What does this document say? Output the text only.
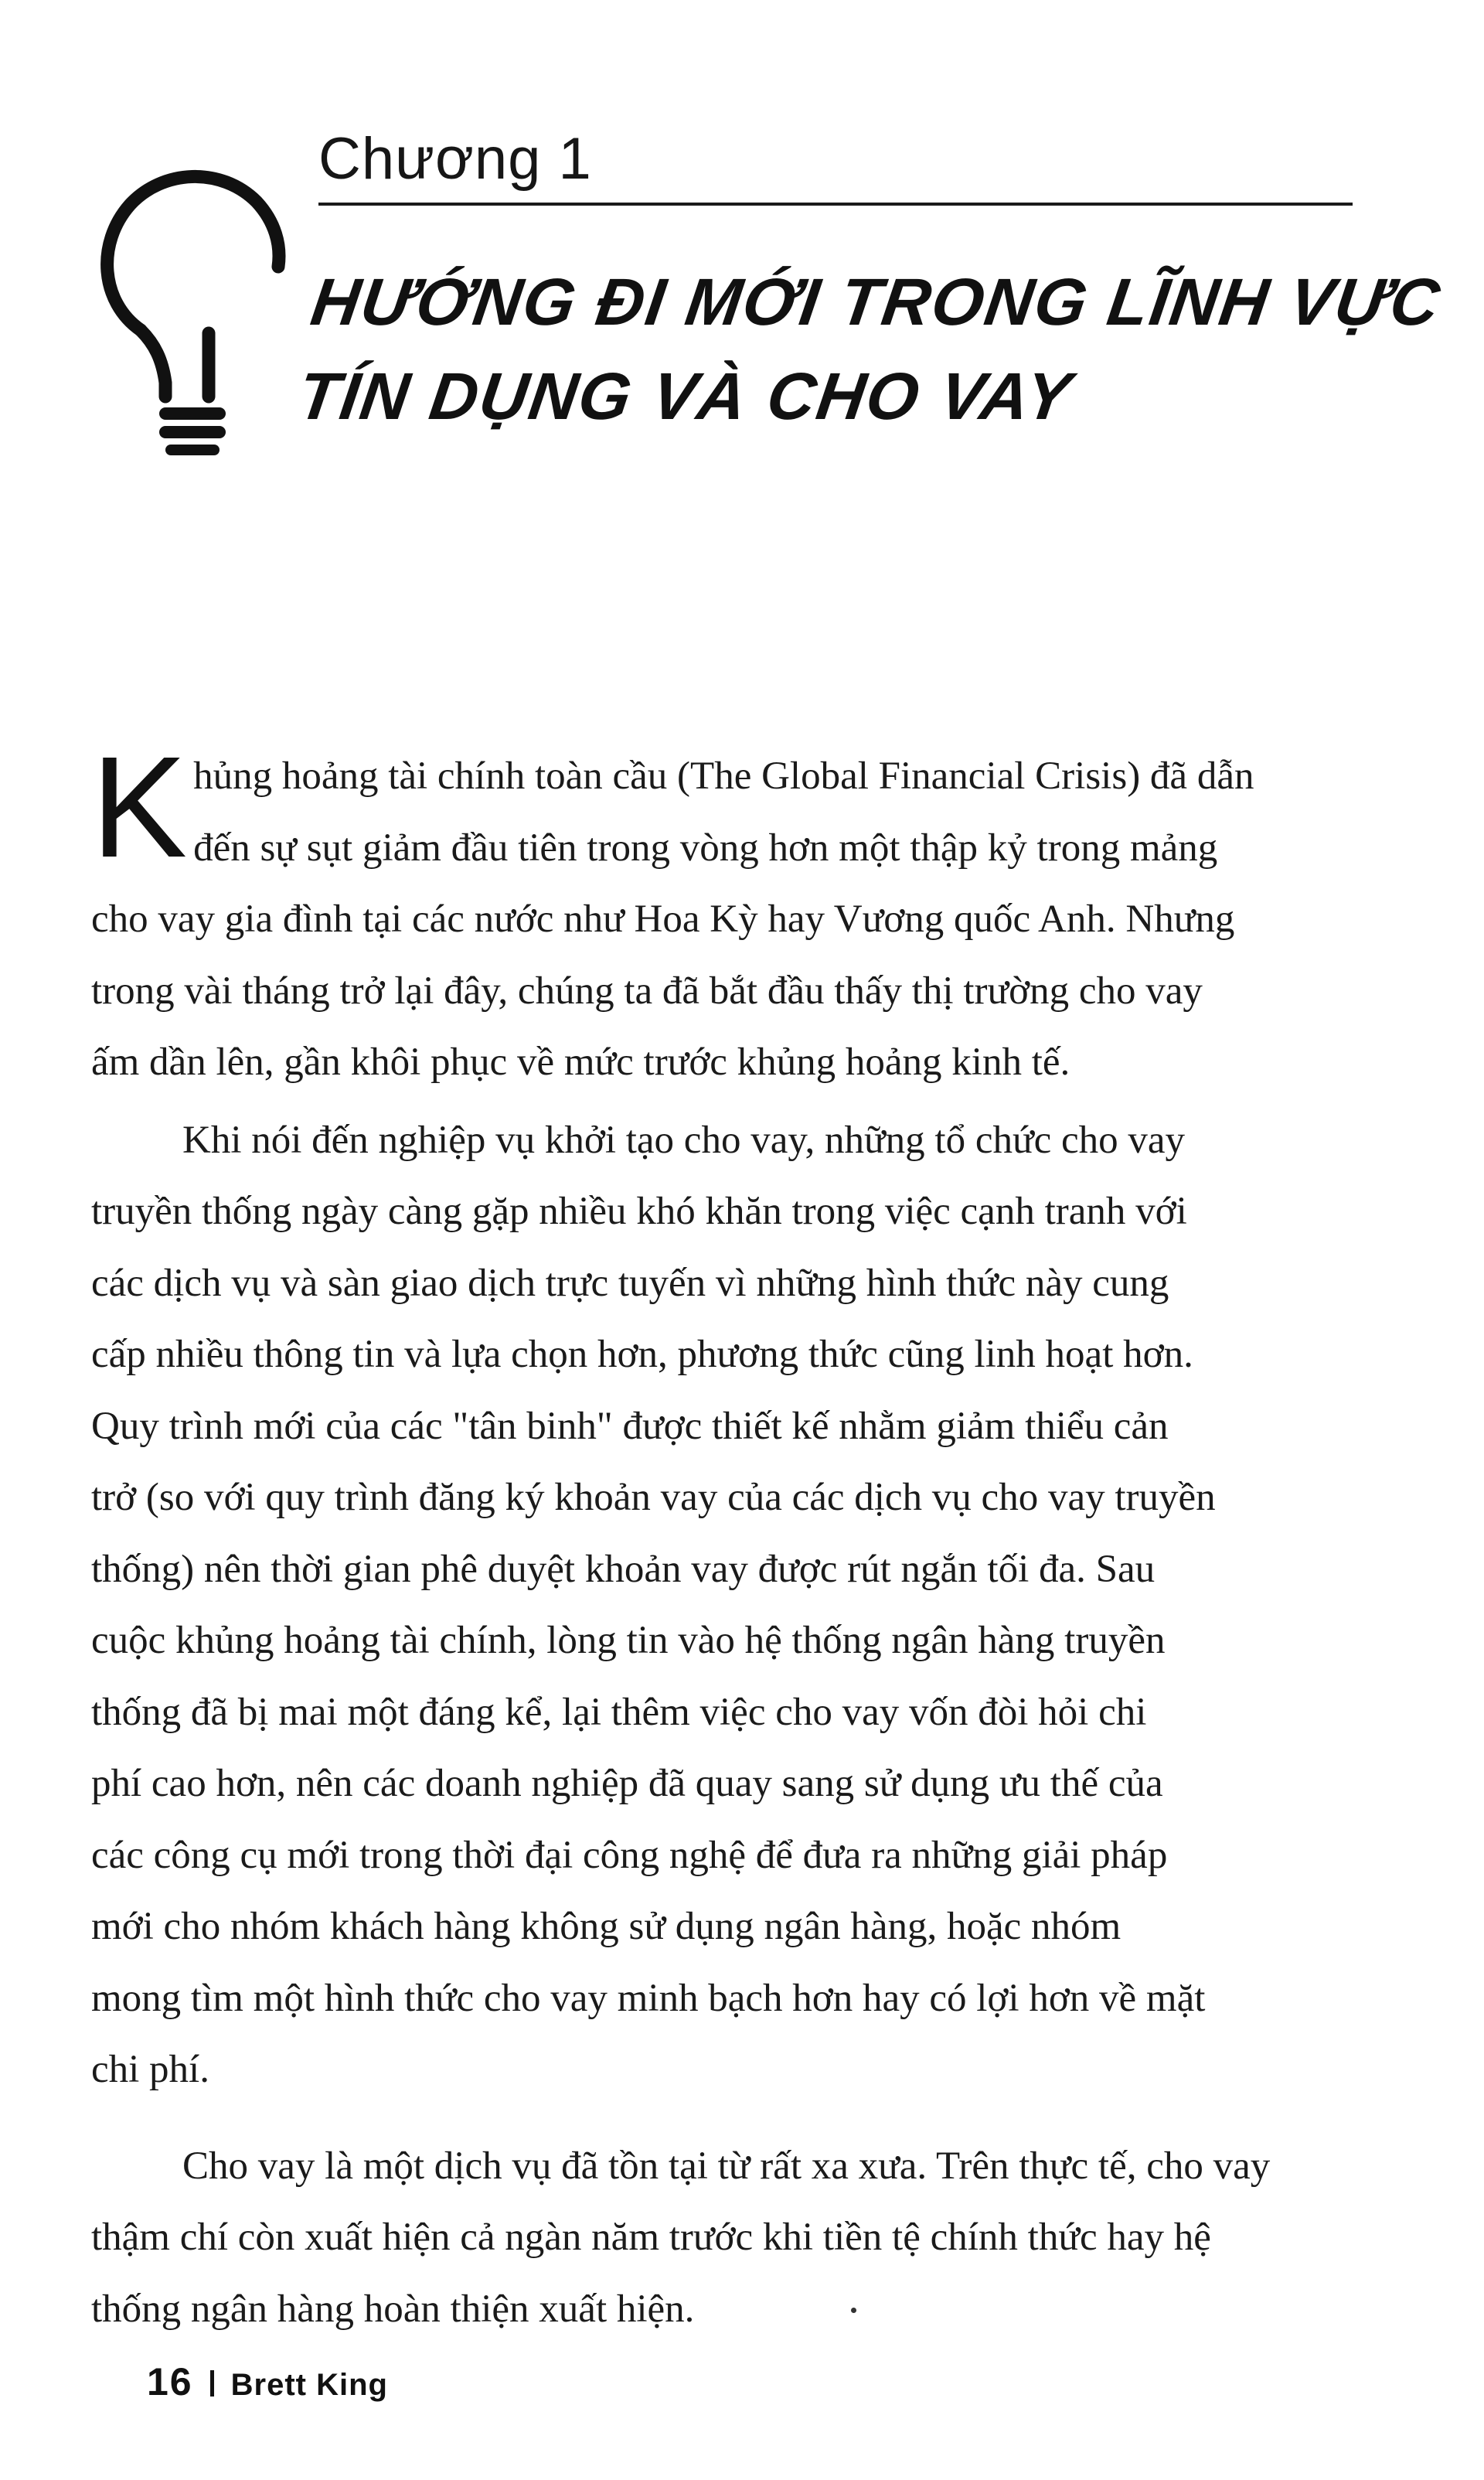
Chương 1
HƯỚNG ĐI MỚI TRONG LĨNH VỰC
TÍN DỤNG VÀ CHO VAY

K hủng hoảng tài chính toàn cầu (The Global Financial Crisis) đã dẫn
đến sự sụt giảm đầu tiên trong vòng hơn một thập kỷ trong mảng
cho vay gia đình tại các nước như Hoa Kỳ hay Vương quốc Anh. Nhưng
trong vài tháng trở lại đây, chúng ta đã bắt đầu thấy thị trường cho vay
ấm dần lên, gần khôi phục về mức trước khủng hoảng kinh tế.

Khi nói đến nghiệp vụ khởi tạo cho vay, những tổ chức cho vay
truyền thống ngày càng gặp nhiều khó khăn trong việc cạnh tranh với
các dịch vụ và sàn giao dịch trực tuyến vì những hình thức này cung
cấp nhiều thông tin và lựa chọn hơn, phương thức cũng linh hoạt hơn.
Quy trình mới của các "tân binh" được thiết kế nhằm giảm thiểu cản
trở (so với quy trình đăng ký khoản vay của các dịch vụ cho vay truyền
thống) nên thời gian phê duyệt khoản vay được rút ngắn tối đa. Sau
cuộc khủng hoảng tài chính, lòng tin vào hệ thống ngân hàng truyền
thống đã bị mai một đáng kể, lại thêm việc cho vay vốn đòi hỏi chi
phí cao hơn, nên các doanh nghiệp đã quay sang sử dụng ưu thế của
các công cụ mới trong thời đại công nghệ để đưa ra những giải pháp
mới cho nhóm khách hàng không sử dụng ngân hàng, hoặc nhóm
mong tìm một hình thức cho vay minh bạch hơn hay có lợi hơn về mặt
chi phí.

Cho vay là một dịch vụ đã tồn tại từ rất xa xưa. Trên thực tế, cho vay
thậm chí còn xuất hiện cả ngàn năm trước khi tiền tệ chính thức hay hệ
thống ngân hàng hoàn thiện xuất hiện.

16 Brett King
